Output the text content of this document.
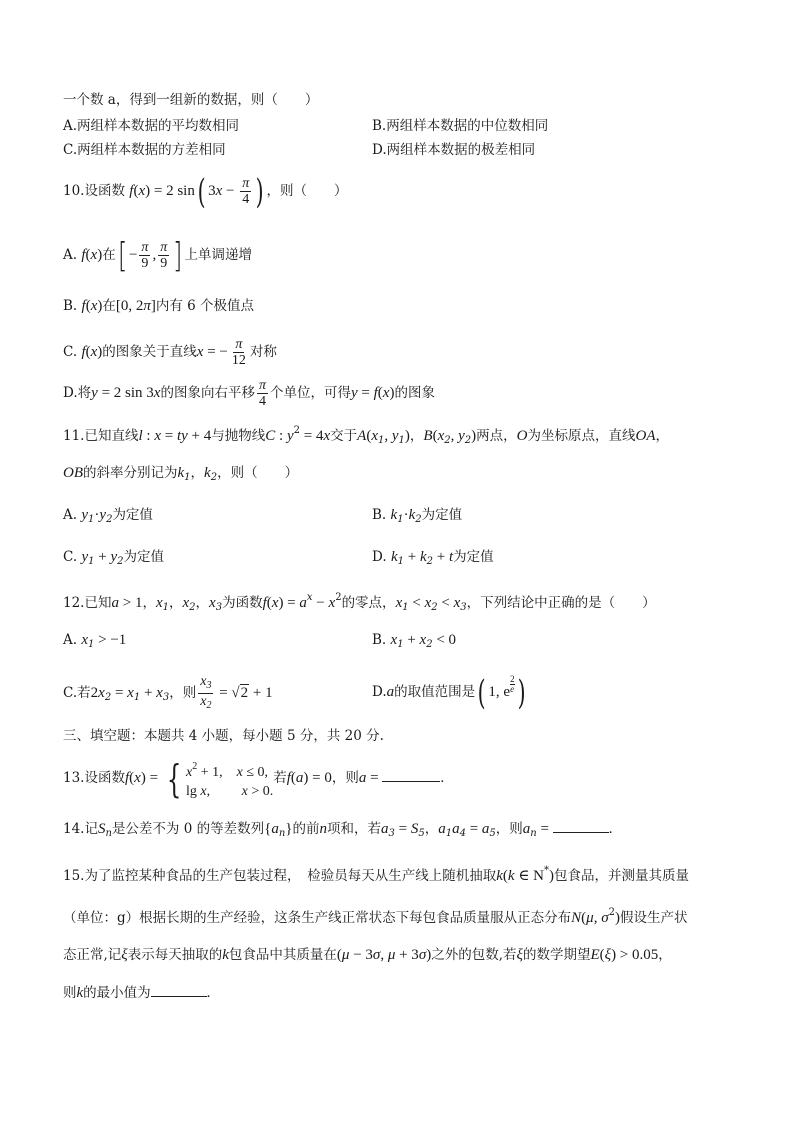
一个数 a，得到一组新的数据，则（　　）
A.两组样本数据的平均数相同	B.两组样本数据的中位数相同
C.两组样本数据的方差相同	D.两组样本数据的极差相同
10.设函数 f(x) = 2 sin( $3x - \frac{\pi}{4}$ ) ，则（　　）
A. f(x)在[ − $\frac{\pi}{9}$ , $\frac{\pi}{9}$ ] 上单调递增
B. f(x)在[0, 2π]内有 6 个极值点
C. f(x)的图象关于直线x = − $\frac{\pi}{12}$ 对称
D.将y = 2 sin 3x的图象向右平移 $\frac{\pi}{4}$ 个单位，可得y = f(x)的图象
11.已知直线l : x = ty + 4与抛物线C : $y^2 = 4x$交于$A(x_1$, $y_1$)，$B(x_2$, $y_2$)两点，O为坐标原点，直线OA，
OB的斜率分别记为$k_1$，$k_2$，则（　　）
A. $y_1\cdot y_2$为定值	B. $k_1\cdot k_2$为定值
C. $y_1 + y_2$为定值	D. $k_1 + k_2 + t$为定值
12.已知a > 1，$x_1$，$x_2$，$x_3$为函数$f(x) = a^x - x^2$的零点，$x_1 < x_2 < x_3$，下列结论中正确的是（　　）
A. $x_1 > -1$	B. $x_1 + x_2 < 0$
C.若$2x_2 = x_1 + x_3$，则 $\frac{x_3}{x_2} = √2 + 1$	D.a的取值范围是( 1, e $\frac{2}{e}$ )
三、填空题：本题共 4 小题，每小题 5 分，共 20 分.
13.设函数f(x) = { $x^2 + 1$,    x ≤ 0,
lg x,         x > 0.
若f(a) = 0，则a =	.
14.记$S_n$是公差不为 0 的等差数列$\{a_n\}$的前n项和，若$a_3 = S_5$，$a_1a_4 = a_5$，则$a_n$ =	.
15.为了监控某种食品的生产包装过程，　检验员每天从生产线上随机抽取k(k ∈ N*)包食品，并测量其质量
（单位：g）根据长期的生产经验，这条生产线正常状态下每包食品质量服从正态分布N(μ, $\sigma^2$)假设生产状
态正常,记ξ表示每天抽取的k包食品中其质量在(μ − 3σ, μ + 3σ)之外的包数,若ξ的数学期望E(ξ) > 0.05，
则k的最小值为	.
